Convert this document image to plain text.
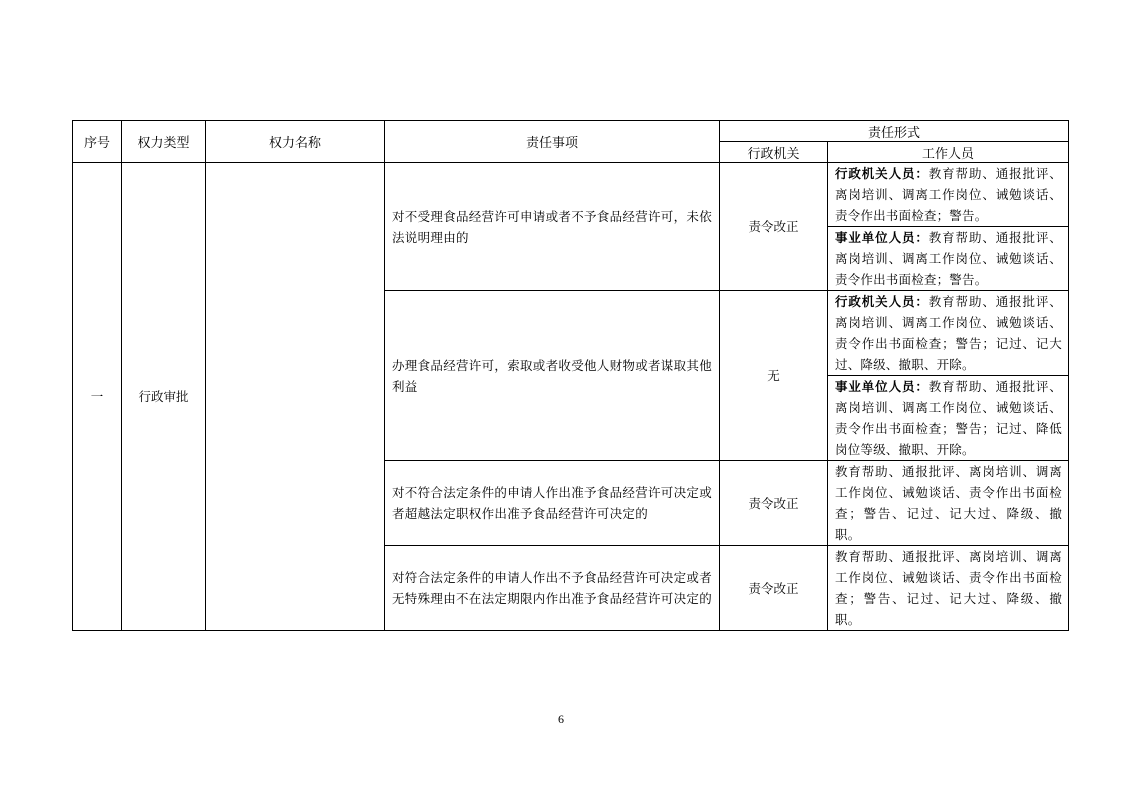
序号	权力类型	权力名称	责任事项	责任形式	
				行政机关	工作人员
一	行政审批		对不受理食品经营许可申请或者不予食品经营许可，未依法说明理由的	责令改正	行政机关人员：教育帮助、通报批评、离岗培训、调离工作岗位、诫勉谈话、责令作出书面检查；警告。
					事业单位人员：教育帮助、通报批评、离岗培训、调离工作岗位、诫勉谈话、责令作出书面检查；警告。
			办理食品经营许可，索取或者收受他人财物或者谋取其他利益	无	行政机关人员：教育帮助、通报批评、离岗培训、调离工作岗位、诫勉谈话、责令作出书面检查；警告；记过、记大过、降级、撤职、开除。
					事业单位人员：教育帮助、通报批评、离岗培训、调离工作岗位、诫勉谈话、责令作出书面检查；警告；记过、降低岗位等级、撤职、开除。
			对不符合法定条件的申请人作出准予食品经营许可决定或者超越法定职权作出准予食品经营许可决定的	责令改正	教育帮助、通报批评、离岗培训、调离工作岗位、诫勉谈话、责令作出书面检查；警告、记过、记大过、降级、撤职。
			对符合法定条件的申请人作出不予食品经营许可决定或者无特殊理由不在法定期限内作出准予食品经营许可决定的	责令改正	教育帮助、通报批评、离岗培训、调离工作岗位、诫勉谈话、责令作出书面检查；警告、记过、记大过、降级、撤职。
6
